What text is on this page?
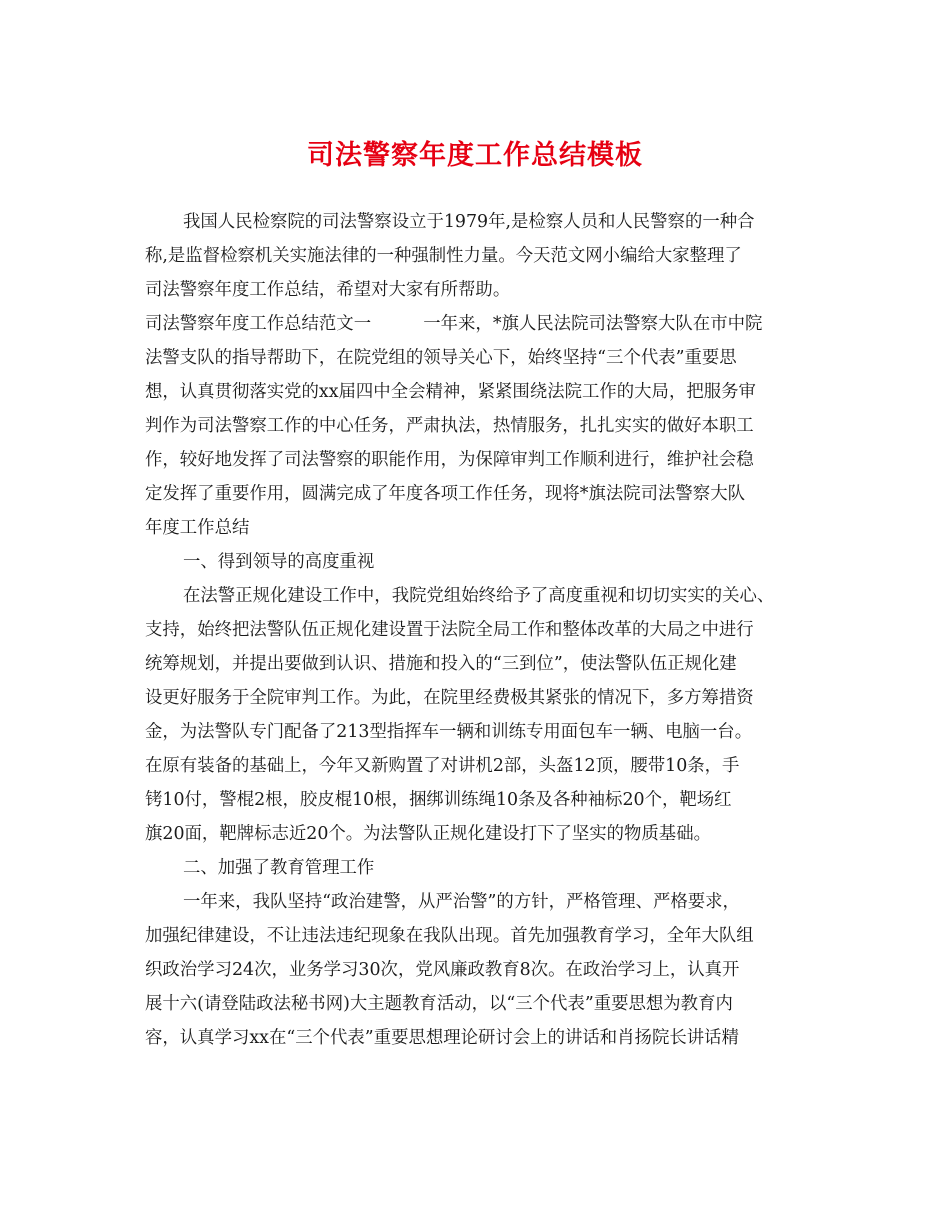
司法警察年度工作总结模板
我国人民检察院的司法警察设立于1979年,是检察人员和人民警察的一种合
称,是监督检察机关实施法律的一种强制性力量。今天范文网小编给大家整理了
司法警察年度工作总结，希望对大家有所帮助。
司法警察年度工作总结范文一　　　一年来，*旗人民法院司法警察大队在市中院
法警支队的指导帮助下，在院党组的领导关心下，始终坚持“三个代表”重要思
想，认真贯彻落实党的xx届四中全会精神，紧紧围绕法院工作的大局，把服务审
判作为司法警察工作的中心任务，严肃执法，热情服务，扎扎实实的做好本职工
作，较好地发挥了司法警察的职能作用，为保障审判工作顺利进行，维护社会稳
定发挥了重要作用，圆满完成了年度各项工作任务，现将*旗法院司法警察大队
年度工作总结
一、得到领导的高度重视
在法警正规化建设工作中，我院党组始终给予了高度重视和切切实实的关心、
支持，始终把法警队伍正规化建设置于法院全局工作和整体改革的大局之中进行
统筹规划，并提出要做到认识、措施和投入的“三到位”，使法警队伍正规化建
设更好服务于全院审判工作。为此，在院里经费极其紧张的情况下，多方筹措资
金，为法警队专门配备了213型指挥车一辆和训练专用面包车一辆、电脑一台。
在原有装备的基础上，今年又新购置了对讲机2部，头盔12顶，腰带10条，手
铐10付，警棍2根，胶皮棍10根，捆绑训练绳10条及各种袖标20个，靶场红
旗20面，靶牌标志近20个。为法警队正规化建设打下了坚实的物质基础。
二、加强了教育管理工作
一年来，我队坚持“政治建警，从严治警”的方针，严格管理、严格要求，
加强纪律建设，不让违法违纪现象在我队出现。首先加强教育学习，全年大队组
织政治学习24次，业务学习30次，党风廉政教育8次。在政治学习上，认真开
展十六(请登陆政法秘书网)大主题教育活动，以“三个代表”重要思想为教育内
容，认真学习xx在“三个代表”重要思想理论研讨会上的讲话和肖扬院长讲话精
